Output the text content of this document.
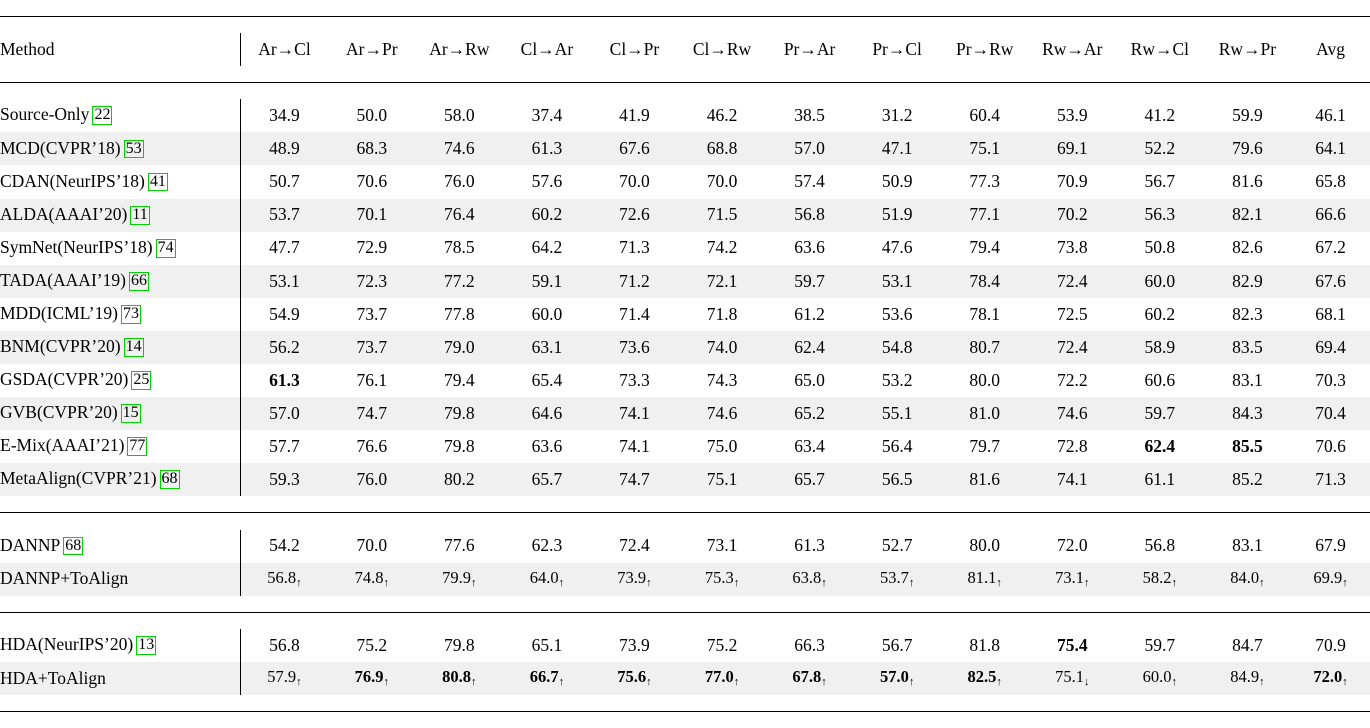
Method	Ar→Cl	Ar→Pr	Ar→Rw	Cl→Ar	Cl→Pr	Cl→Rw	Pr→Ar	Pr→Cl	Pr→Rw	Rw→Ar	Rw→Cl	Rw→Pr	Avg

Source-Only 22	34.9	50.0	58.0	37.4	41.9	46.2	38.5	31.2	60.4	53.9	41.2	59.9	46.1
MCD(CVPR’18) 53	48.9	68.3	74.6	61.3	67.6	68.8	57.0	47.1	75.1	69.1	52.2	79.6	64.1
CDAN(NeurIPS’18) 41	50.7	70.6	76.0	57.6	70.0	70.0	57.4	50.9	77.3	70.9	56.7	81.6	65.8
ALDA(AAAI’20) 11	53.7	70.1	76.4	60.2	72.6	71.5	56.8	51.9	77.1	70.2	56.3	82.1	66.6
SymNet(NeurIPS’18) 74	47.7	72.9	78.5	64.2	71.3	74.2	63.6	47.6	79.4	73.8	50.8	82.6	67.2
TADA(AAAI’19) 66	53.1	72.3	77.2	59.1	71.2	72.1	59.7	53.1	78.4	72.4	60.0	82.9	67.6
MDD(ICML’19) 73	54.9	73.7	77.8	60.0	71.4	71.8	61.2	53.6	78.1	72.5	60.2	82.3	68.1
BNM(CVPR’20) 14	56.2	73.7	79.0	63.1	73.6	74.0	62.4	54.8	80.7	72.4	58.9	83.5	69.4
GSDA(CVPR’20) 25	61.3	76.1	79.4	65.4	73.3	74.3	65.0	53.2	80.0	72.2	60.6	83.1	70.3
GVB(CVPR’20) 15	57.0	74.7	79.8	64.6	74.1	74.6	65.2	55.1	81.0	74.6	59.7	84.3	70.4
E-Mix(AAAI’21) 77	57.7	76.6	79.8	63.6	74.1	75.0	63.4	56.4	79.7	72.8	62.4	85.5	70.6
MetaAlign(CVPR’21) 68	59.3	76.0	80.2	65.7	74.7	75.1	65.7	56.5	81.6	74.1	61.1	85.2	71.3

DANNP 68	54.2	70.0	77.6	62.3	72.4	73.1	61.3	52.7	80.0	72.0	56.8	83.1	67.9
DANNP+ToAlign	56.8↑	74.8↑	79.9↑	64.0↑	73.9↑	75.3↑	63.8↑	53.7↑	81.1↑	73.1↑	58.2↑	84.0↑	69.9↑

HDA(NeurIPS’20) 13	56.8	75.2	79.8	65.1	73.9	75.2	66.3	56.7	81.8	75.4	59.7	84.7	70.9
HDA+ToAlign	57.9↑	76.9↑	80.8↑	66.7↑	75.6↑	77.0↑	67.8↑	57.0↑	82.5↑	75.1↓	60.0↑	84.9↑	72.0↑
